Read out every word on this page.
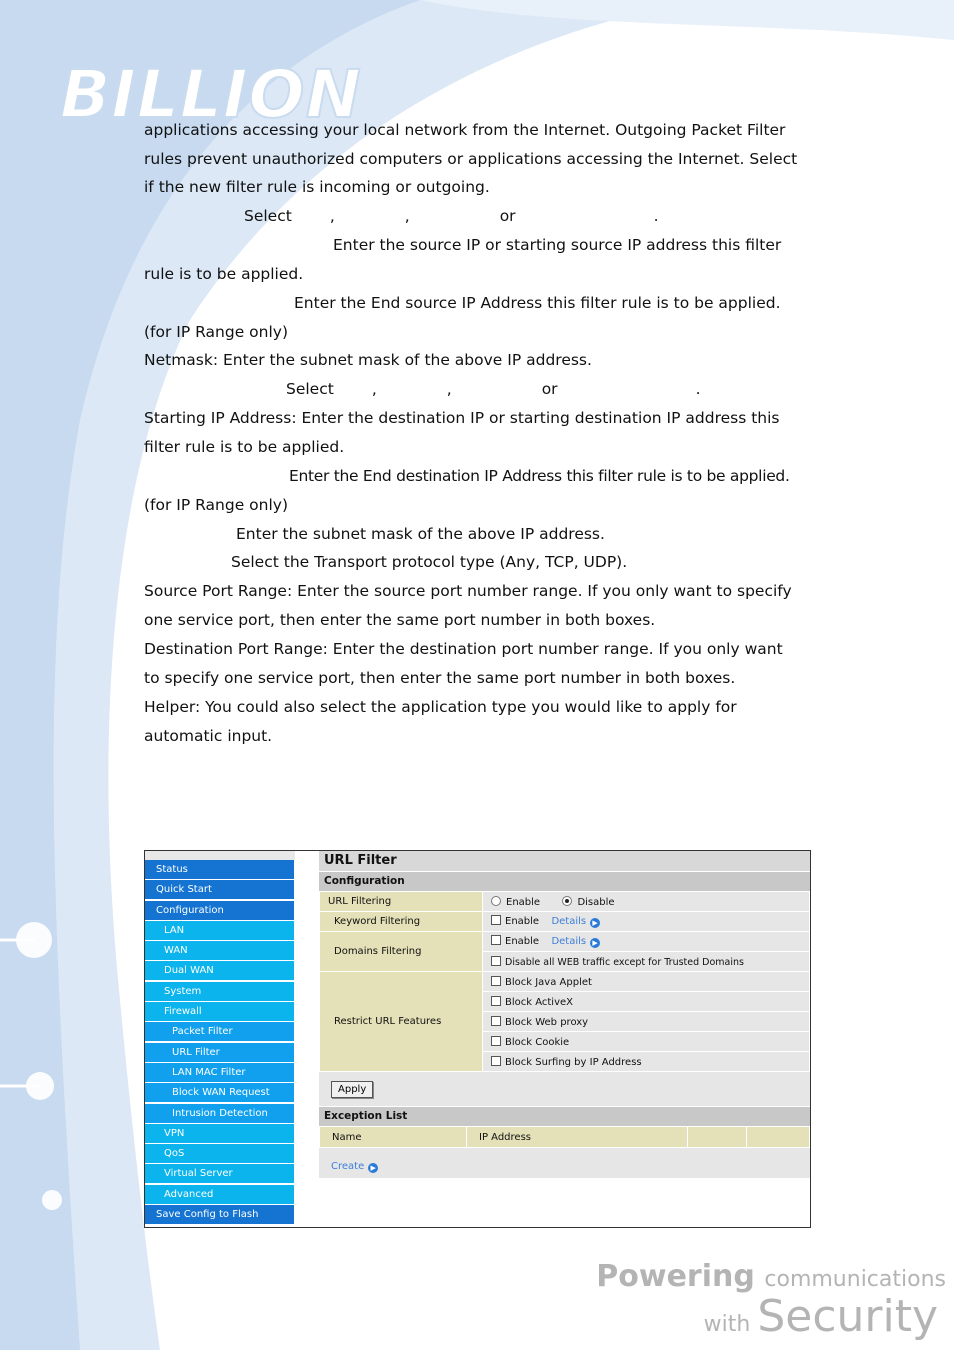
BILLION
applications accessing your local network from the Internet. Outgoing Packet Filter
rules prevent unauthorized computers or applications accessing the Internet. Select
if the new filter rule is incoming or outgoing.
Select ,	,	or	.
Enter the source IP or starting source IP address this filter
rule is to be applied.
Enter the End source IP Address this filter rule is to be applied.
(for IP Range only)
Netmask: Enter the subnet mask of the above IP address.
Select ,	,	or	.
Starting IP Address: Enter the destination IP or starting destination IP address this
filter rule is to be applied.
Enter the End destination IP Address this filter rule is to be applied.
(for IP Range only)
Enter the subnet mask of the above IP address.
Select the Transport protocol type (Any, TCP, UDP).
Source Port Range: Enter the source port number range. If you only want to specify
one service port, then enter the same port number in both boxes.
Destination Port Range: Enter the destination port number range. If you only want
to specify one service port, then enter the same port number in both boxes.
Helper: You could also select the application type you would like to apply for
automatic input.
Status
Quick Start
Configuration
LAN
WAN
Dual WAN
System
Firewall
Packet Filter
URL Filter
LAN MAC Filter
Block WAN Request
Intrusion Detection
VPN
QoS
Virtual Server
Advanced
Save Config to Flash
URL Filter
Configuration
URL Filtering	Enable Disable
Keyword Filtering	Enable Details ▶
Domains Filtering	Enable Details ▶
	Disable all WEB traffic except for Trusted Domains
Restrict URL Features	Block Java Applet
	Block ActiveX
	Block Web proxy
	Block Cookie
	Block Surfing by IP Address
Apply
Exception List
Name	IP Address		
Create ▶
Powering communications
with Security
